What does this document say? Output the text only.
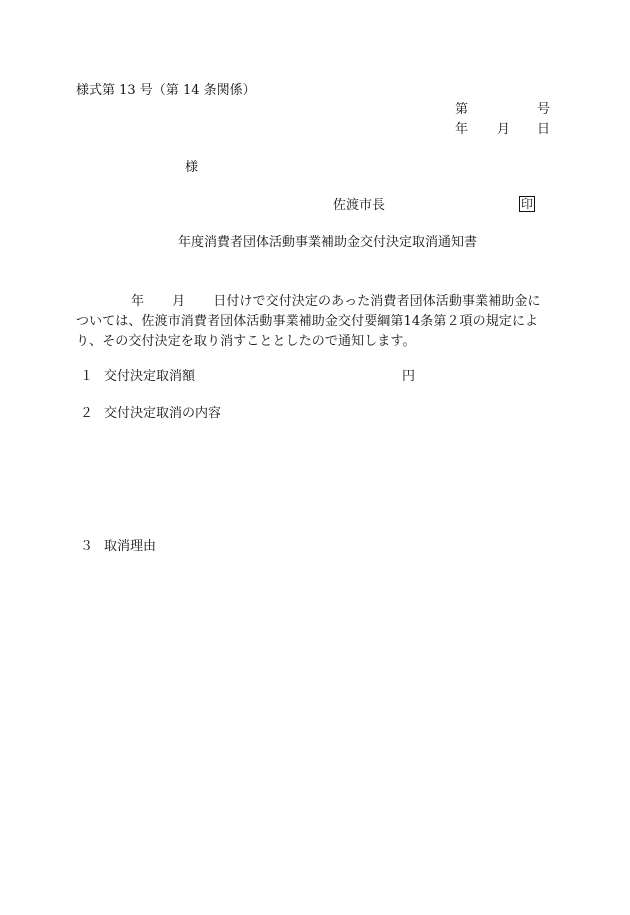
様式第 13 号（第 14 条関係）
第	号
年 月 日
様
佐渡市長	印
年度消費者団体活動事業補助金交付決定取消通知書
年 月 日付けで交付決定のあった消費者団体活動事業補助金に
ついては、佐渡市消費者団体活動事業補助金交付要綱第14条第２項の規定によ
り、その交付決定を取り消すこととしたので通知します。
１ 交付決定取消額	円
２ 交付決定取消の内容
３ 取消理由
